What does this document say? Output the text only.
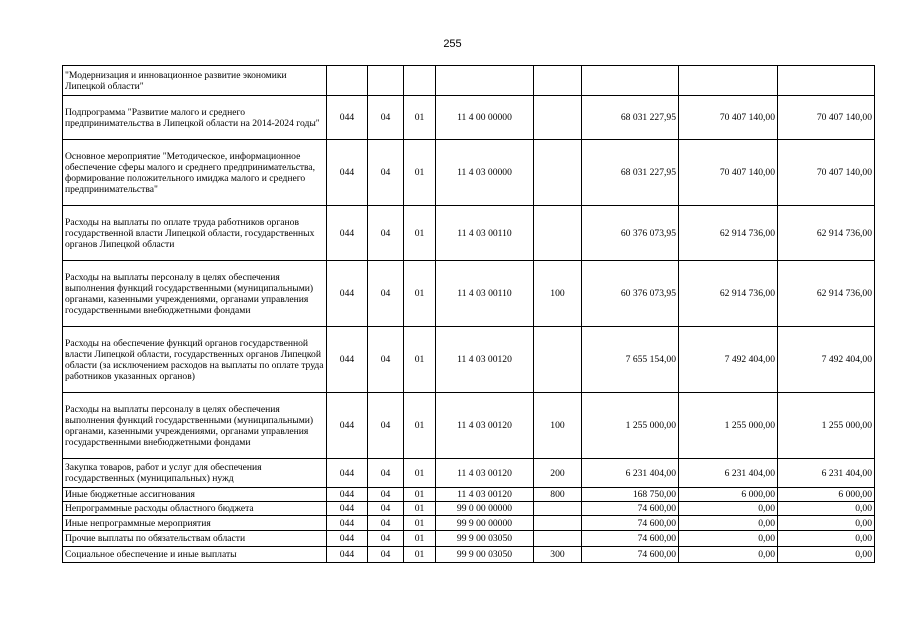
255
"Модернизация и инновационное развитие экономики Липецкой области"								
Подпрограмма "Развитие малого и среднего предпринимательства в Липецкой области на 2014-2024 годы"	044	04	01	11 4 00 00000		68 031 227,95	70 407 140,00	70 407 140,00
Основное мероприятие "Методическое, информационное обеспечение сферы малого и среднего предпринимательства, формирование положительного имиджа малого и среднего предпринимательства"	044	04	01	11 4 03 00000		68 031 227,95	70 407 140,00	70 407 140,00
Расходы на выплаты по оплате труда работников органов государственной власти Липецкой области, государственных органов Липецкой области	044	04	01	11 4 03 00110		60 376 073,95	62 914 736,00	62 914 736,00
Расходы на выплаты персоналу в целях обеспечения выполнения функций государственными (муниципальными) органами, казенными учреждениями, органами управления государственными внебюджетными фондами	044	04	01	11 4 03 00110	100	60 376 073,95	62 914 736,00	62 914 736,00
Расходы на обеспечение функций органов государственной власти Липецкой области, государственных органов Липецкой области (за исключением расходов на выплаты по оплате труда работников указанных органов)	044	04	01	11 4 03 00120		7 655 154,00	7 492 404,00	7 492 404,00
Расходы на выплаты персоналу в целях обеспечения выполнения функций государственными (муниципальными) органами, казенными учреждениями, органами управления государственными внебюджетными фондами	044	04	01	11 4 03 00120	100	1 255 000,00	1 255 000,00	1 255 000,00
Закупка товаров, работ и услуг для обеспечения государственных (муниципальных) нужд	044	04	01	11 4 03 00120	200	6 231 404,00	6 231 404,00	6 231 404,00
Иные бюджетные ассигнования	044	04	01	11 4 03 00120	800	168 750,00	6 000,00	6 000,00
Непрограммные расходы областного бюджета	044	04	01	99 0 00 00000		74 600,00	0,00	0,00
Иные непрограммные мероприятия	044	04	01	99 9 00 00000		74 600,00	0,00	0,00
Прочие выплаты по обязательствам области	044	04	01	99 9 00 03050		74 600,00	0,00	0,00
Социальное обеспечение и иные выплаты	044	04	01	99 9 00 03050	300	74 600,00	0,00	0,00
